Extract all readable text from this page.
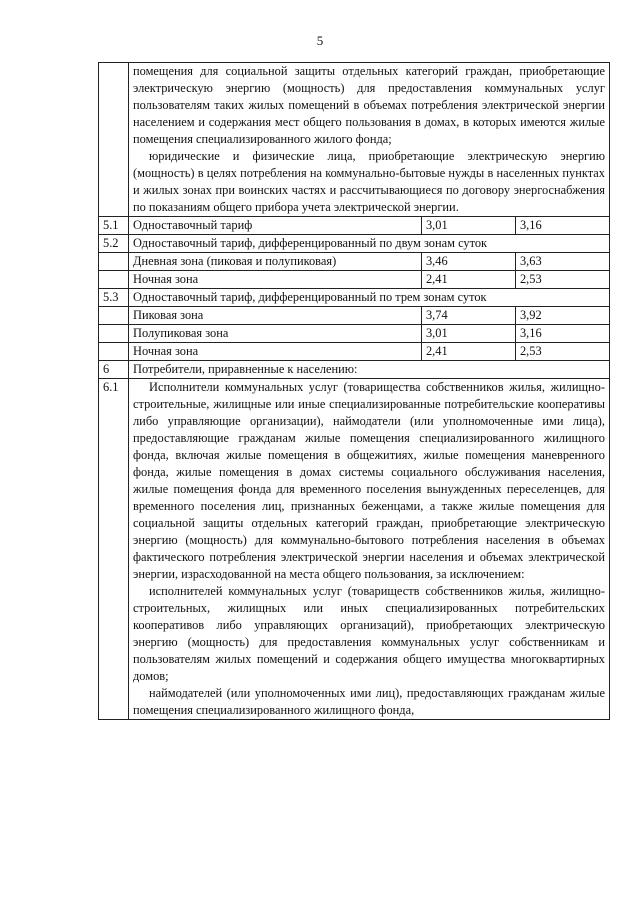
5

	помещения для социальной защиты отдельных категорий граждан, приобретающие электрическую энергию (мощность) для предоставления коммунальных услуг пользователям таких жилых помещений в объемах потребления электрической энергии населением и содержания мест общего пользования в домах, в которых имеются жилые помещения специализированного жилого фонда;

юридические и физические лица, приобретающие электрическую энергию (мощность) в целях потребления на коммунально-бытовые нужды в населенных пунктах и жилых зонах при воинских частях и рассчитывающиеся по договору энергоснабжения по показаниям общего прибора учета электрической энергии.		

5.1	Одноставочный тариф	3,01	3,16
5.2	Одноставочный тариф, дифференцированный по двум зонам суток		
	Дневная зона (пиковая и полупиковая)	3,46	3,63
	Ночная зона	2,41	2,53
5.3	Одноставочный тариф, дифференцированный по трем зонам суток		
	Пиковая зона	3,74	3,92
	Полупиковая зона	3,01	3,16
	Ночная зона	2,41	2,53
6	Потребители, приравненные к населению:		
6.1	Исполнители коммунальных услуг (товарищества собственников жилья, жилищно-строительные, жилищные или иные специализированные потребительские кооперативы либо управляющие организации), наймодатели (или уполномоченные ими лица), предоставляющие гражданам жилые помещения специализированного жилищного фонда, включая жилые помещения в общежитиях, жилые помещения маневренного фонда, жилые помещения в домах системы социального обслуживания населения, жилые помещения фонда для временного поселения вынужденных переселенцев, для временного поселения лиц, признанных беженцами, а также жилые помещения для социальной защиты отдельных категорий граждан, приобретающие электрическую энергию (мощность) для коммунально-бытового потребления населения в объемах фактического потребления электрической энергии населения и объемах электрической энергии, израсходованной на места общего пользования, за исключением:

исполнителей коммунальных услуг (товариществ собственников жилья, жилищно-строительных, жилищных или иных специализированных потребительских кооперативов либо управляющих организаций), приобретающих электрическую энергию (мощность) для предоставления коммунальных услуг собственникам и пользователям жилых помещений и содержания общего имущества многоквартирных домов;

наймодателей (или уполномоченных ими лиц), предоставляющих гражданам жилые помещения специализированного жилищного фонда,		
